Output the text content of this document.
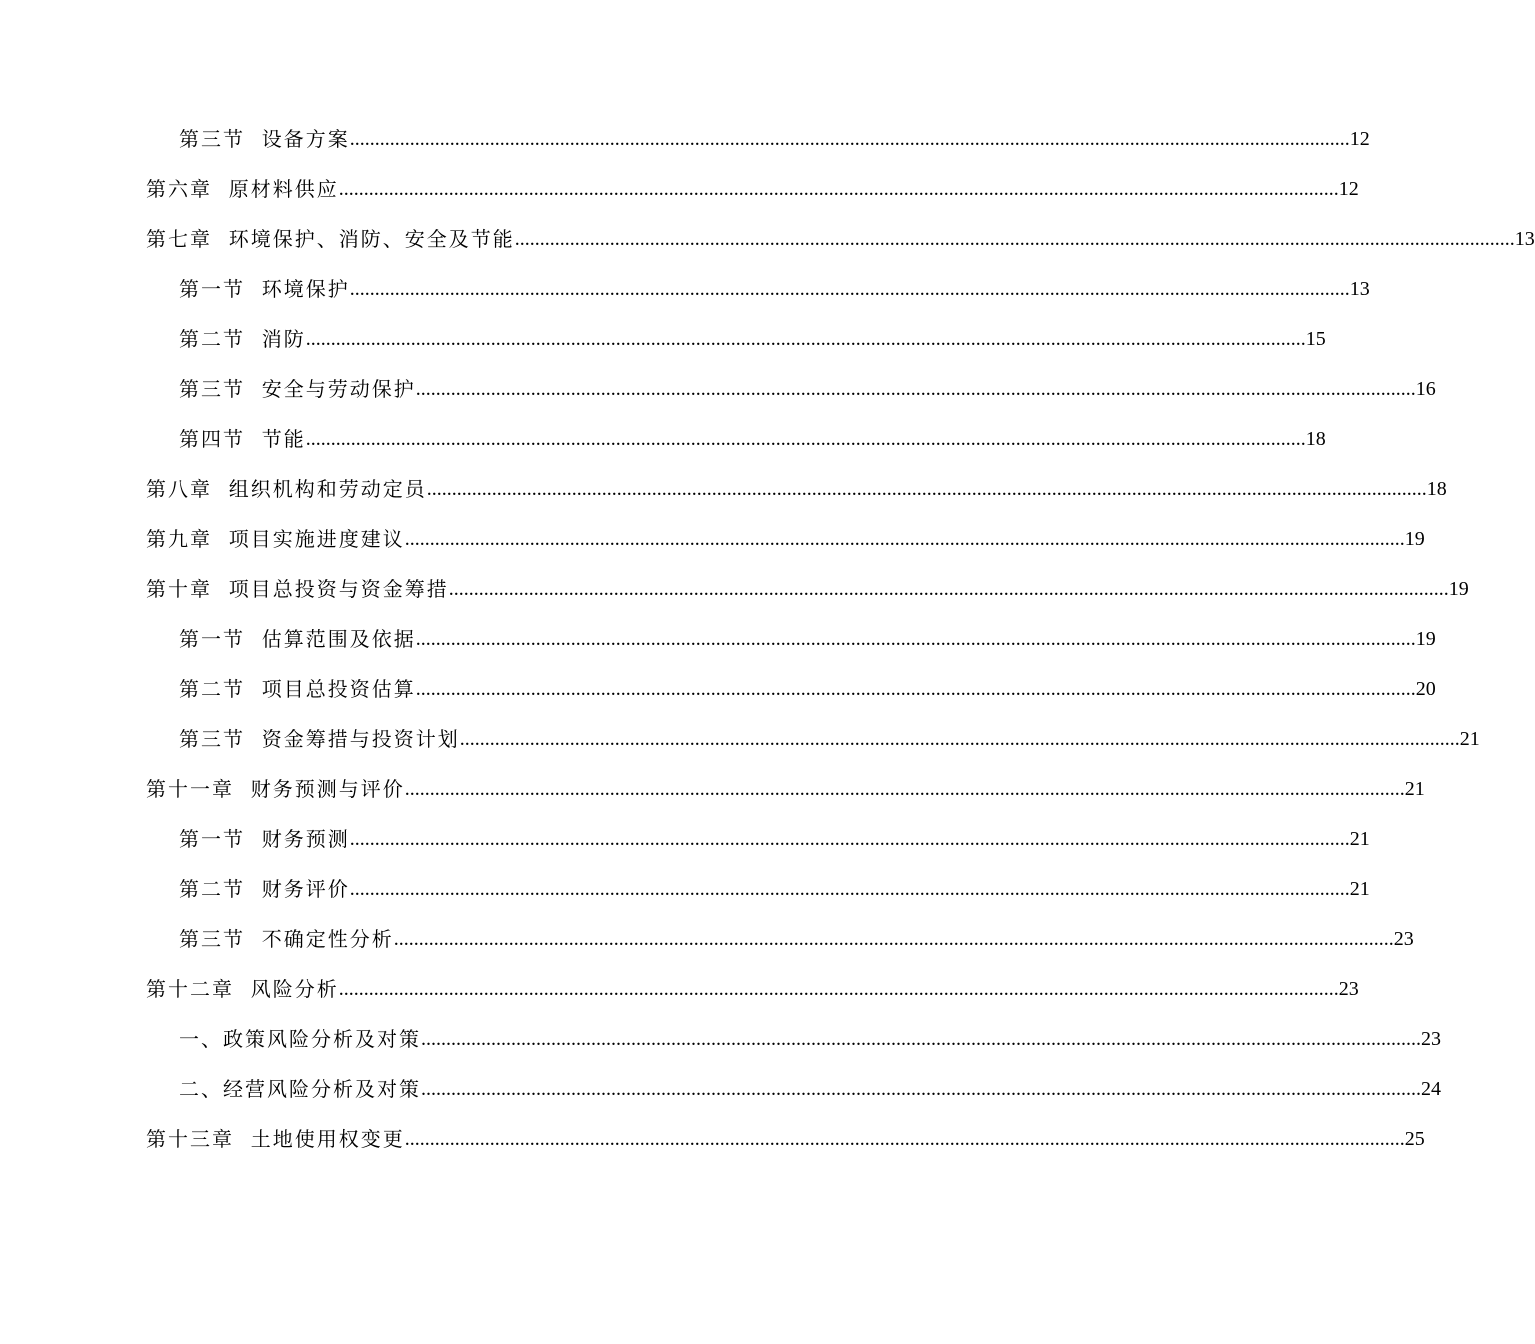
第三节  设备方案 ........................................................................................................................................................................................................ 12
第六章  原材料供应 ........................................................................................................................................................................................................ 12
第七章  环境保护、消防、安全及节能 ........................................................................................................................................................................................................ 13
第一节  环境保护 ........................................................................................................................................................................................................ 13
第二节  消防 ........................................................................................................................................................................................................ 15
第三节  安全与劳动保护 ........................................................................................................................................................................................................ 16
第四节  节能 ........................................................................................................................................................................................................ 18
第八章  组织机构和劳动定员 ........................................................................................................................................................................................................ 18
第九章  项目实施进度建议 ........................................................................................................................................................................................................ 19
第十章  项目总投资与资金筹措 ........................................................................................................................................................................................................ 19
第一节  估算范围及依据 ........................................................................................................................................................................................................ 19
第二节  项目总投资估算 ........................................................................................................................................................................................................ 20
第三节  资金筹措与投资计划 ........................................................................................................................................................................................................ 21
第十一章  财务预测与评价 ........................................................................................................................................................................................................ 21
第一节  财务预测 ........................................................................................................................................................................................................ 21
第二节  财务评价 ........................................................................................................................................................................................................ 21
第三节  不确定性分析 ........................................................................................................................................................................................................ 23
第十二章  风险分析 ........................................................................................................................................................................................................ 23
一、政策风险分析及对策 ........................................................................................................................................................................................................ 23
二、经营风险分析及对策 ........................................................................................................................................................................................................ 24
第十三章  土地使用权变更 ........................................................................................................................................................................................................ 25
